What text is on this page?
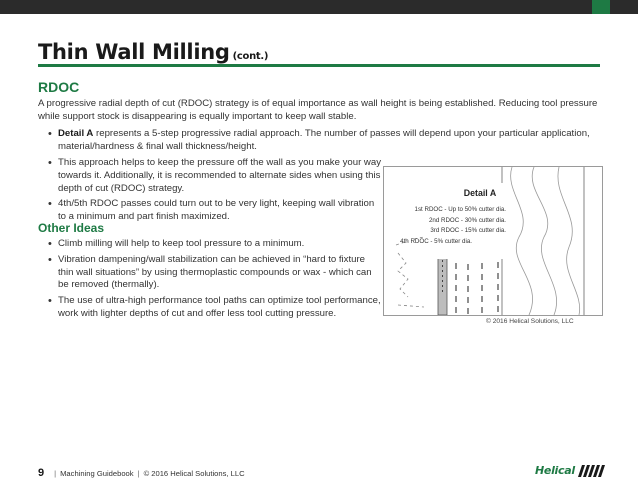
Thin Wall Milling (cont.)
RDOC

A progressive radial depth of cut (RDOC) strategy is of equal importance as wall height is being established. Reducing tool pressure while support stock is disappearing is equally important to keep wall stable.

• Detail A represents a 5-step progressive radial approach. The number of passes will depend upon your particular application, material/hardness & final wall thickness/height.
• This approach helps to keep the pressure off the wall as you make your way towards it. Additionally, it is recommended to alternate sides when using this depth of cut (RDOC) strategy.
• 4th/5th RDOC passes could turn out to be very light, keeping wall vibration to a minimum and part finish maximized.
Other Ideas
• Climb milling will help to keep tool pressure to a minimum.
• Vibration dampening/wall stabilization can be achieved in “hard to fixture thin wall situations” by using thermoplastic compounds or wax - which can be removed (thermally).
• The use of ultra-high performance tool paths can optimize tool performance, work with lighter depths of cut and offer less tool cutting pressure.
Detail A
1st RDOC - Up to 50% cutter dia.
2nd RDOC - 30% cutter dia.
3rd RDOC - 15% cutter dia.
4th RDOC - 5% cutter dia.
© 2016 Helical Solutions, LLC
9 | Machining Guidebook | © 2016 Helical Solutions, LLC	Helical
